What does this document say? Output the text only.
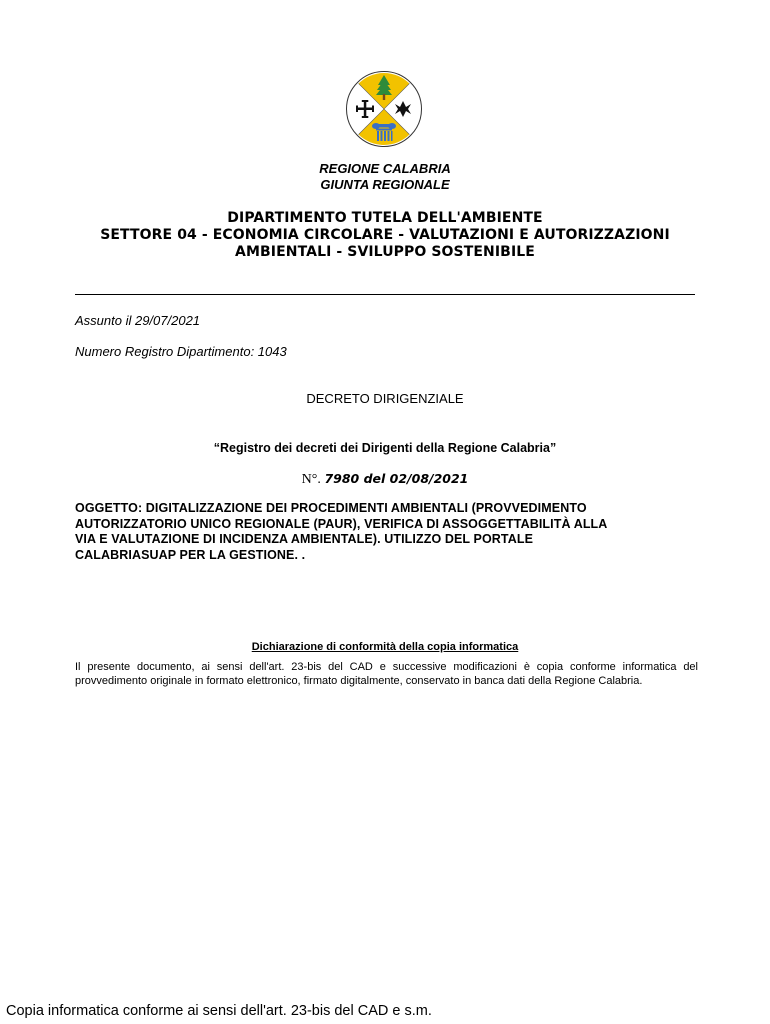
REGIONE CALABRIA
GIUNTA REGIONALE
DIPARTIMENTO TUTELA DELL'AMBIENTE
SETTORE 04 - ECONOMIA CIRCOLARE - VALUTAZIONI E AUTORIZZAZIONI
AMBIENTALI - SVILUPPO SOSTENIBILE
Assunto il 29/07/2021
Numero Registro Dipartimento: 1043
DECRETO DIRIGENZIALE
“Registro dei decreti dei Dirigenti della Regione Calabria”
N°. 7980 del 02/08/2021
OGGETTO: DIGITALIZZAZIONE DEI PROCEDIMENTI AMBIENTALI (PROVVEDIMENTO
AUTORIZZATORIO UNICO REGIONALE (PAUR), VERIFICA DI ASSOGGETTABILITÀ ALLA
VIA E VALUTAZIONE DI INCIDENZA AMBIENTALE). UTILIZZO DEL PORTALE
CALABRIASUAP PER LA GESTIONE. .
Dichiarazione di conformità della copia informatica
Il presente documento, ai sensi dell'art. 23-bis del CAD e successive modificazioni è copia conforme informatica del provvedimento originale in formato elettronico, firmato digitalmente, conservato in banca dati della Regione Calabria.
Copia informatica conforme ai sensi dell'art. 23-bis del CAD e s.m.
